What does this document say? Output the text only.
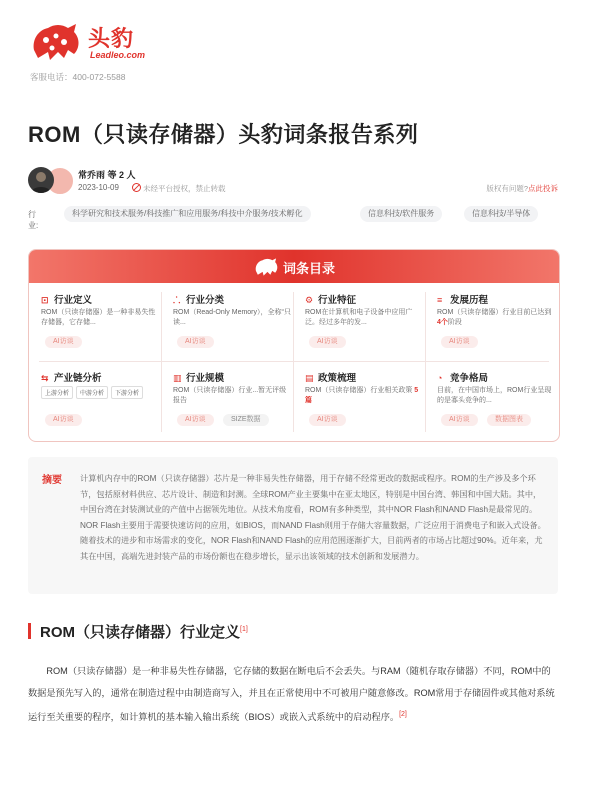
头豹
Leadleo.com
客服电话：400-072-5588
ROM（只读存储器）头豹词条报告系列
常乔雨 等 2 人
2023-10-09	未经平台授权，禁止转载	版权有问题?点此投诉
行业:
科学研究和技术服务/科技推广和应用服务/科技中介服务/技术孵化	信息科技/软件服务	信息科技/半导体
词条目录
⊡ 行业定义
ROM（只读存储器）是一种非易失性存储器，它存储...
AI访谈
⸫ 行业分类
ROM（Read-Only Memory），全称“只读...
AI访谈
⚙ 行业特征
ROM在计算机和电子设备中应用广泛。经过多年的发...
AI访谈
≡ 发展历程
ROM（只读存储器）行业目前已达到 4个阶段
AI访谈
⇆ 产业链分析
上游分析 中游分析 下游分析
AI访谈
▥ 行业规模
ROM（只读存储器）行业...暂无评级报告
AI访谈	SIZE数据
▤ 政策梳理
ROM（只读存储器）行业相关政策 5篇
AI访谈
◔ 竞争格局
目前，在中国市场上，ROM行业呈现的是寡头竞争的...
AI访谈	数据图表
摘要 计算机内存中的ROM（只读存储器）芯片是一种非易失性存储器，用于存储不经常更改的数据或程序。ROM的生产涉及多个环节，包括原材料供应、芯片设计、制造和封测。全球ROM产业主要集中在亚太地区，特别是中国台湾、韩国和中国大陆。其中，中国台湾在封装测试业的产值中占据领先地位。从技术角度看，ROM有多种类型，其中NOR Flash和NAND Flash是最常见的。NOR Flash主要用于需要快速访问的应用，如BIOS，而NAND Flash则用于存储大容量数据，广泛应用于消费电子和嵌入式设备。随着技术的进步和市场需求的变化，NOR Flash和NAND Flash的应用范围逐渐扩大，目前两者的市场占比超过90%。近年来，尤其在中国，高端先进封装产品的市场份额也在稳步增长，显示出该领域的技术创新和发展潜力。

ROM（只读存储器）行业定义[1]

ROM（只读存储器）是一种非易失性存储器，它存储的数据在断电后不会丢失。与RAM（随机存取存储器）不同，ROM中的数据是预先写入的，通常在制造过程中由制造商写入，并且在正常使用中不可被用户随意修改。ROM常用于存储固件或其他对系统运行至关重要的程序，如计算机的基本输入输出系统（BIOS）或嵌入式系统中的启动程序。[2]
